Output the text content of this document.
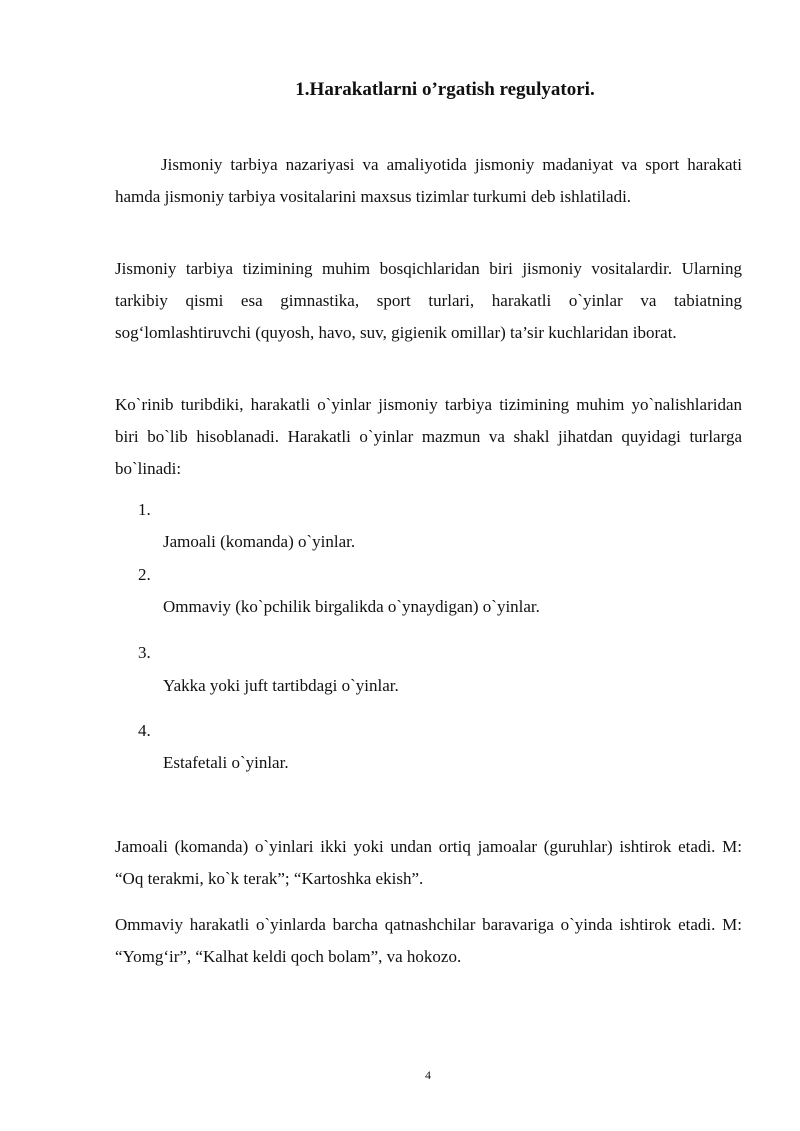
1.Harakatlarni o’rgatish regulyatori.

Jismoniy tarbiya nazariyasi va amaliyotida jismoniy madaniyat va sport harakati hamda jismoniy tarbiya vositalarini maxsus tizimlar turkumi deb ishlatiladi.

Jismoniy tarbiya tizimining muhim bosqichlaridan biri jismoniy vositalardir. Ularning tarkibiy qismi esa gimnastika, sport turlari, harakatli o`yinlar va tabiatning sog‘lomlashtiruvchi (quyosh, havo, suv, gigienik omillar) ta’sir kuchlaridan iborat.

Ko`rinib turibdiki, harakatli o`yinlar jismoniy tarbiya tizimining muhim yo`nalishlaridan biri bo`lib hisoblanadi. Harakatli o`yinlar mazmun va shakl jihatdan quyidagi turlarga bo`linadi:

1.
Jamoali (komanda) o`yinlar.
2.
Ommaviy (ko`pchilik birgalikda o`ynaydigan) o`yinlar.
3.
Yakka yoki juft tartibdagi o`yinlar.
4.
Estafetali o`yinlar.

Jamoali (komanda) o`yinlari ikki yoki undan ortiq jamoalar (guruhlar) ishtirok etadi. M: “Oq terakmi, ko`k terak”; “Kartoshka ekish”.

Ommaviy harakatli o`yinlarda barcha qatnashchilar baravariga o`yinda ishtirok etadi. M: “Yomg‘ir”, “Kalhat keldi qoch bolam”, va hokozo.

4
